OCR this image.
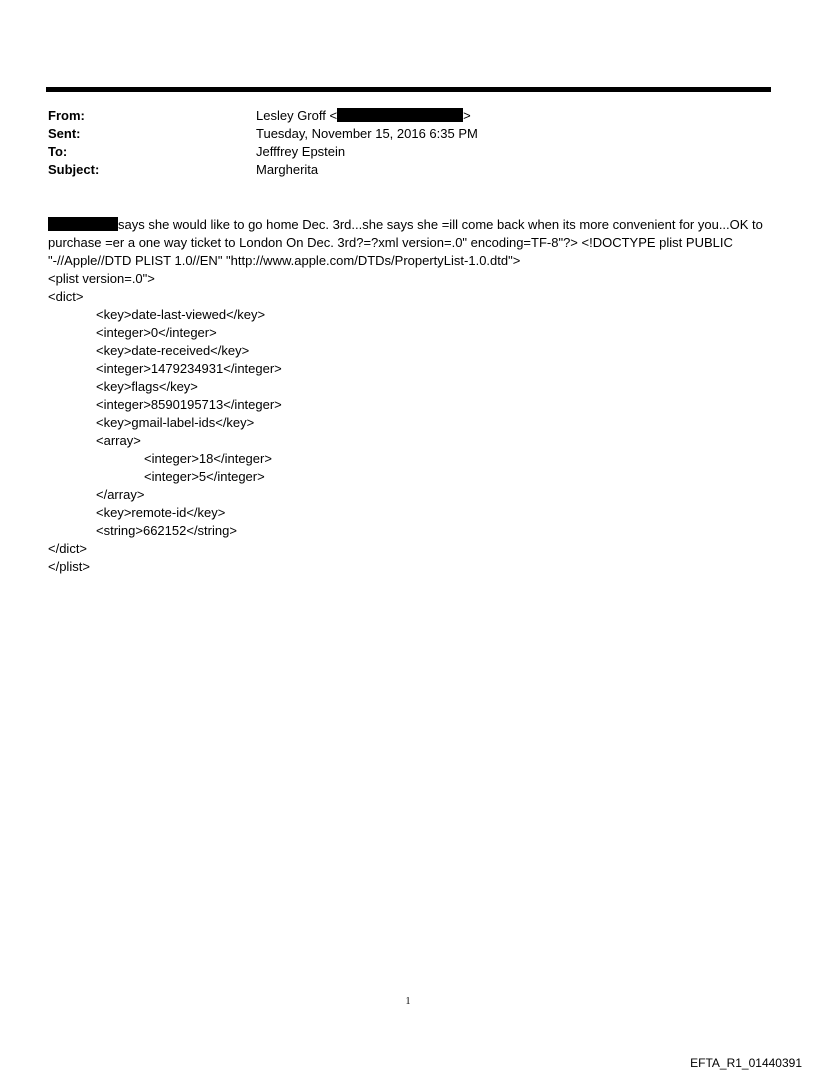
From:	Lesley Groff <	>
Sent:	Tuesday, November 15, 2016 6:35 PM
To:	Jefffrey Epstein
Subject:	Margherita

says she would like to go home Dec. 3rd...she says she =ill come back when its more convenient for you...OK to purchase =er a one way ticket to London On Dec. 3rd?=?xml version=.0" encoding=TF-8"?> <!DOCTYPE plist PUBLIC "-//Apple//DTD PLIST 1.0//EN" "http://www.apple.com/DTDs/PropertyList-1.0.dtd">

<plist version=.0">
<dict>
<key>date-last-viewed</key>
<integer>0</integer>
<key>date-received</key>
<integer>1479234931</integer>
<key>flags</key>
<integer>8590195713</integer>
<key>gmail-label-ids</key>
<array>
<integer>18</integer>
<integer>5</integer>
</array>
<key>remote-id</key>
<string>662152</string>
</dict>
</plist>
1
EFTA_R1_01440391
